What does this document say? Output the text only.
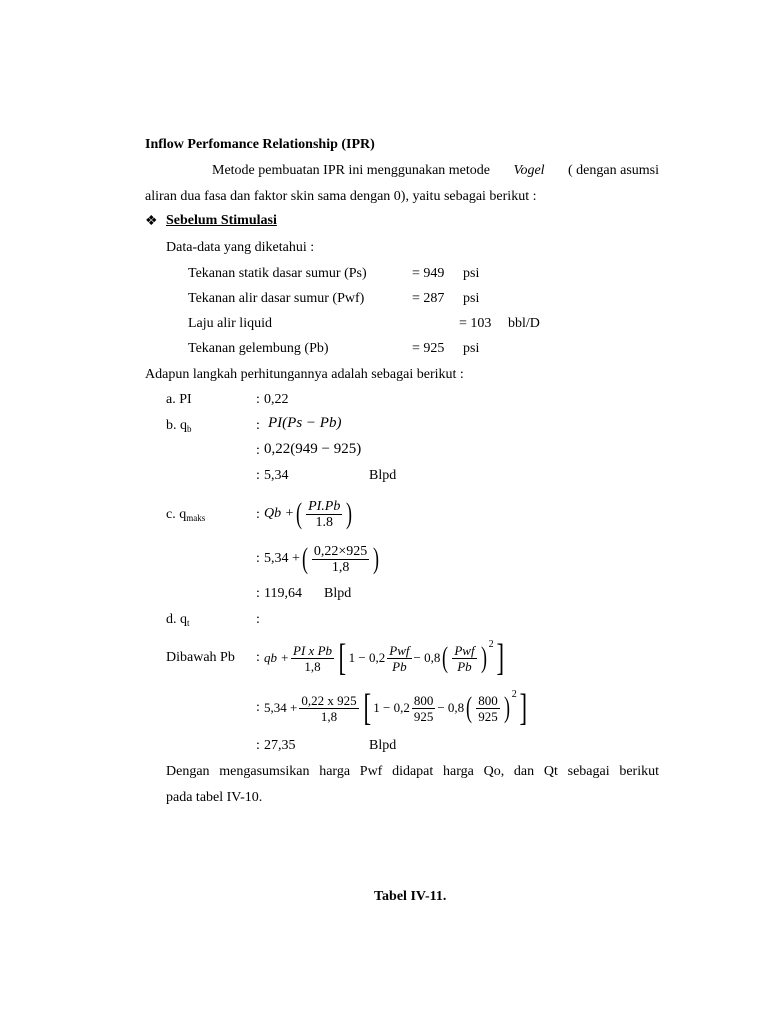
Inflow Perfomance Relationship (IPR)
Metode pembuatan IPR ini menggunakan metode Vogel ( dengan asumsi
aliran dua fasa dan faktor skin sama dengan 0), yaitu sebagai berikut :
❖ Sebelum Stimulasi
Data-data yang diketahui :
Tekanan statik dasar sumur (Ps)	= 949 psi
Tekanan alir dasar sumur (Pwf)	= 287 psi
Laju alir liquid	= 103 bbl/D
Tekanan gelembung (Pb)	= 925 psi
Adapun langkah perhitungannya adalah sebagai berikut :
a. PI	: 0,22
b. $q_b$	: PI(Ps − Pb)
: 0,22(949 − 925)
: 5,34	Blpd
c. $q_{maks}$	: Qb + ( $\frac{PI.Pb}{1.8}$ )
: 5,34 + ( $\frac{0,22\times 925}{1,8}$ )
: 119,64 Blpd
d. $q_t$	:
Dibawah Pb : qb + $\frac{\text{PI x Pb}}{1,8}$ [ $1 - 0,2 \frac{\text{Pwf}}{Pb} - 0,8$ ( $\frac{\text{Pwf}}{Pb} )^2$ ]
: $5,34 + \frac{0,22 x 925}{1,8}$ [ $1 - 0,2 \frac{800}{925} - 0,8$ ( $\frac{800}{925} )^2$ ]
: 27,35	Blpd
Dengan mengasumsikan harga Pwf didapat harga Qo, dan Qt sebagai berikut
pada tabel IV-10.
Tabel IV-11.
